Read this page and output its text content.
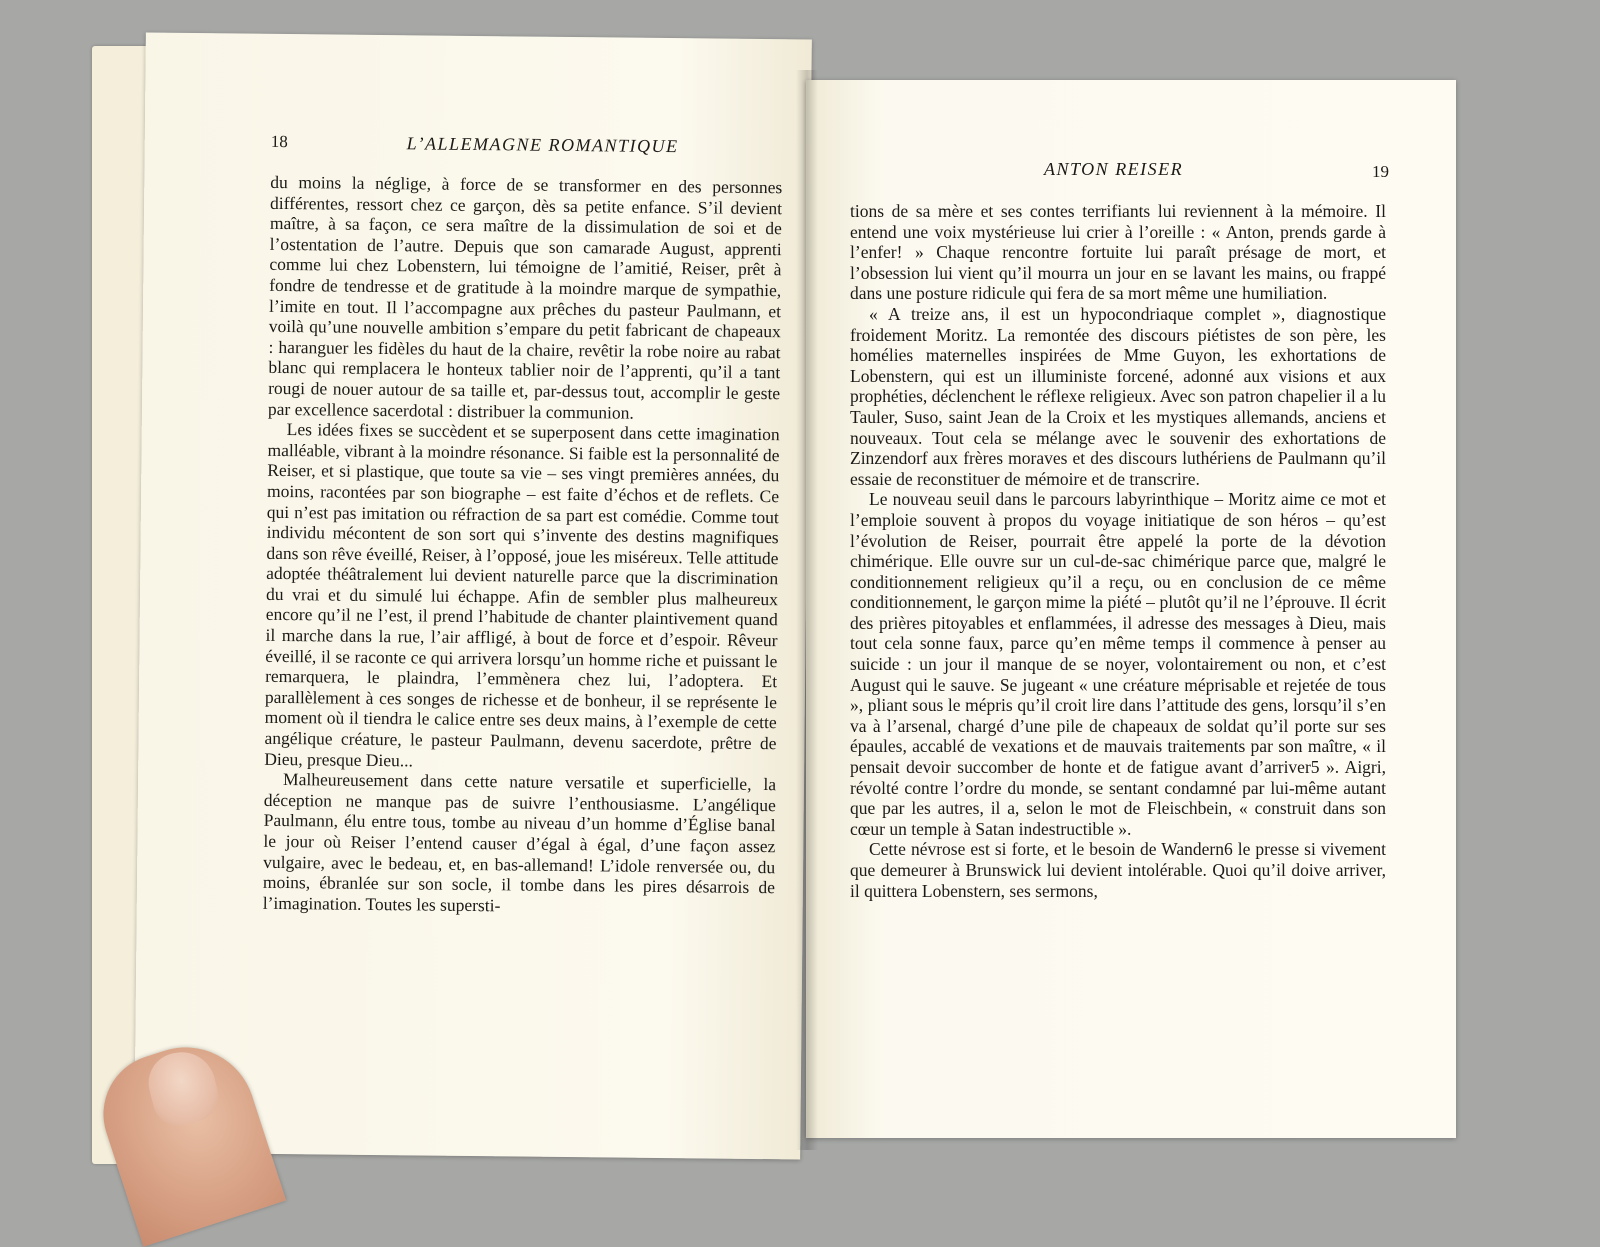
18	L’ALLEMAGNE ROMANTIQUE

du moins la néglige, à force de se transformer en des personnes différentes, ressort chez ce garçon, dès sa petite enfance. S’il devient maître, à sa façon, ce sera maître de la dissimulation de soi et de l’ostentation de l’autre. Depuis que son camarade August, apprenti comme lui chez Lobenstern, lui témoigne de l’amitié, Reiser, prêt à fondre de tendresse et de gratitude à la moindre marque de sympathie, l’imite en tout. Il l’accompagne aux prêches du pasteur Paulmann, et voilà qu’une nouvelle ambition s’empare du petit fabricant de chapeaux : haranguer les fidèles du haut de la chaire, revêtir la robe noire au rabat blanc qui remplacera le honteux tablier noir de l’apprenti, qu’il a tant rougi de nouer autour de sa taille et, par-dessus tout, accomplir le geste par excellence sacerdotal : distribuer la communion.

Les idées fixes se succèdent et se superposent dans cette imagination malléable, vibrant à la moindre résonance. Si faible est la personnalité de Reiser, et si plastique, que toute sa vie – ses vingt premières années, du moins, racontées par son biographe – est faite d’échos et de reflets. Ce qui n’est pas imitation ou réfraction de sa part est comédie. Comme tout individu mécontent de son sort qui s’invente des destins magnifiques dans son rêve éveillé, Reiser, à l’opposé, joue les miséreux. Telle attitude adoptée théâtralement lui devient naturelle parce que la discrimination du vrai et du simulé lui échappe. Afin de sembler plus malheureux encore qu’il ne l’est, il prend l’habitude de chanter plaintivement quand il marche dans la rue, l’air affligé, à bout de force et d’espoir. Rêveur éveillé, il se raconte ce qui arrivera lorsqu’un homme riche et puissant le remarquera, le plaindra, l’emmènera chez lui, l’adoptera. Et parallèlement à ces songes de richesse et de bonheur, il se représente le moment où il tiendra le calice entre ses deux mains, à l’exemple de cette angélique créature, le pasteur Paulmann, devenu sacerdote, prêtre de Dieu, presque Dieu...

Malheureusement dans cette nature versatile et superficielle, la déception ne manque pas de suivre l’enthousiasme. L’angélique Paulmann, élu entre tous, tombe au niveau d’un homme d’Église banal le jour où Reiser l’entend causer d’égal à égal, d’une façon assez vulgaire, avec le bedeau, et, en bas-allemand! L’idole renversée ou, du moins, ébranlée sur son socle, il tombe dans les pires désarrois de l’imagination. Toutes les supersti-

ANTON REISER	19

tions de sa mère et ses contes terrifiants lui reviennent à la mémoire. Il entend une voix mystérieuse lui crier à l’oreille : « Anton, prends garde à l’enfer! » Chaque rencontre fortuite lui paraît présage de mort, et l’obsession lui vient qu’il mourra un jour en se lavant les mains, ou frappé dans une posture ridicule qui fera de sa mort même une humiliation.

« A treize ans, il est un hypocondriaque complet », diagnostique froidement Moritz. La remontée des discours piétistes de son père, les homélies maternelles inspirées de Mme Guyon, les exhortations de Lobenstern, qui est un illuministe forcené, adonné aux visions et aux prophéties, déclenchent le réflexe religieux. Avec son patron chapelier il a lu Tauler, Suso, saint Jean de la Croix et les mystiques allemands, anciens et nouveaux. Tout cela se mélange avec le souvenir des exhortations de Zinzendorf aux frères moraves et des discours luthériens de Paulmann qu’il essaie de reconstituer de mémoire et de transcrire.

Le nouveau seuil dans le parcours labyrinthique – Moritz aime ce mot et l’emploie souvent à propos du voyage initiatique de son héros – qu’est l’évolution de Reiser, pourrait être appelé la porte de la dévotion chimérique. Elle ouvre sur un cul-de-sac chimérique parce que, malgré le conditionnement religieux qu’il a reçu, ou en conclusion de ce même conditionnement, le garçon mime la piété – plutôt qu’il ne l’éprouve. Il écrit des prières pitoyables et enflammées, il adresse des messages à Dieu, mais tout cela sonne faux, parce qu’en même temps il commence à penser au suicide : un jour il manque de se noyer, volontairement ou non, et c’est August qui le sauve. Se jugeant « une créature méprisable et rejetée de tous », pliant sous le mépris qu’il croit lire dans l’attitude des gens, lorsqu’il s’en va à l’arsenal, chargé d’une pile de chapeaux de soldat qu’il porte sur ses épaules, accablé de vexations et de mauvais traitements par son maître, « il pensait devoir succomber de honte et de fatigue avant d’arriver5 ». Aigri, révolté contre l’ordre du monde, se sentant condamné par lui-même autant que par les autres, il a, selon le mot de Fleischbein, « construit dans son cœur un temple à Satan indestructible ».

Cette névrose est si forte, et le besoin de Wandern6 le presse si vivement que demeurer à Brunswick lui devient intolérable. Quoi qu’il doive arriver, il quittera Lobenstern, ses sermons,
